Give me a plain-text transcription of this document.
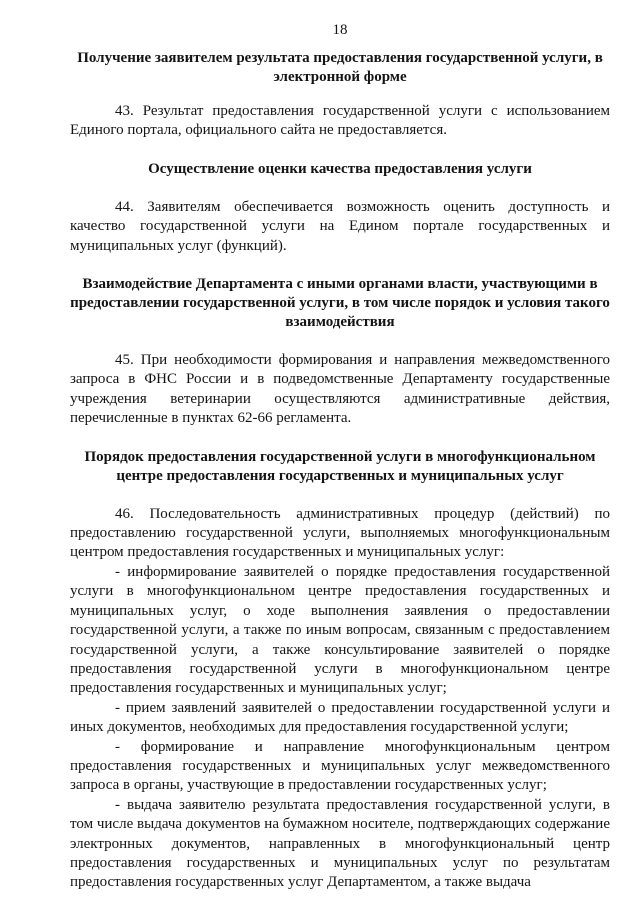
18
Получение заявителем результата предоставления государственной услуги, в электронной форме

43. Результат предоставления государственной услуги с использованием Единого портала, официального сайта не предоставляется.

Осуществление оценки качества предоставления услуги

44. Заявителям обеспечивается возможность оценить доступность и качество государственной услуги на Едином портале государственных и муниципальных услуг (функций).

Взаимодействие Департамента с иными органами власти, участвующими в предоставлении государственной услуги, в том числе порядок и условия такого взаимодействия

45. При необходимости формирования и направления межведомственного запроса в ФНС России и в подведомственные Департаменту государственные учреждения ветеринарии осуществляются административные действия, перечисленные в пунктах 62-66 регламента.

Порядок предоставления государственной услуги в многофункциональном центре предоставления государственных и муниципальных услуг

46. Последовательность административных процедур (действий) по предоставлению государственной услуги, выполняемых многофункциональным центром предоставления государственных и муниципальных услуг:

- информирование заявителей о порядке предоставления государственной услуги в многофункциональном центре предоставления государственных и муниципальных услуг, о ходе выполнения заявления о предоставлении государственной услуги, а также по иным вопросам, связанным с предоставлением государственной услуги, а также консультирование заявителей о порядке предоставления государственной услуги в многофункциональном центре предоставления государственных и муниципальных услуг;

- прием заявлений заявителей о предоставлении государственной услуги и иных документов, необходимых для предоставления государственной услуги;

- формирование и направление многофункциональным центром предоставления государственных и муниципальных услуг межведомственного запроса в органы, участвующие в предоставлении государственных услуг;

- выдача заявителю результата предоставления государственной услуги, в том числе выдача документов на бумажном носителе, подтверждающих содержание электронных документов, направленных в многофункциональный центр предоставления государственных и муниципальных услуг по результатам предоставления государственных услуг Департаментом, а также выдача
